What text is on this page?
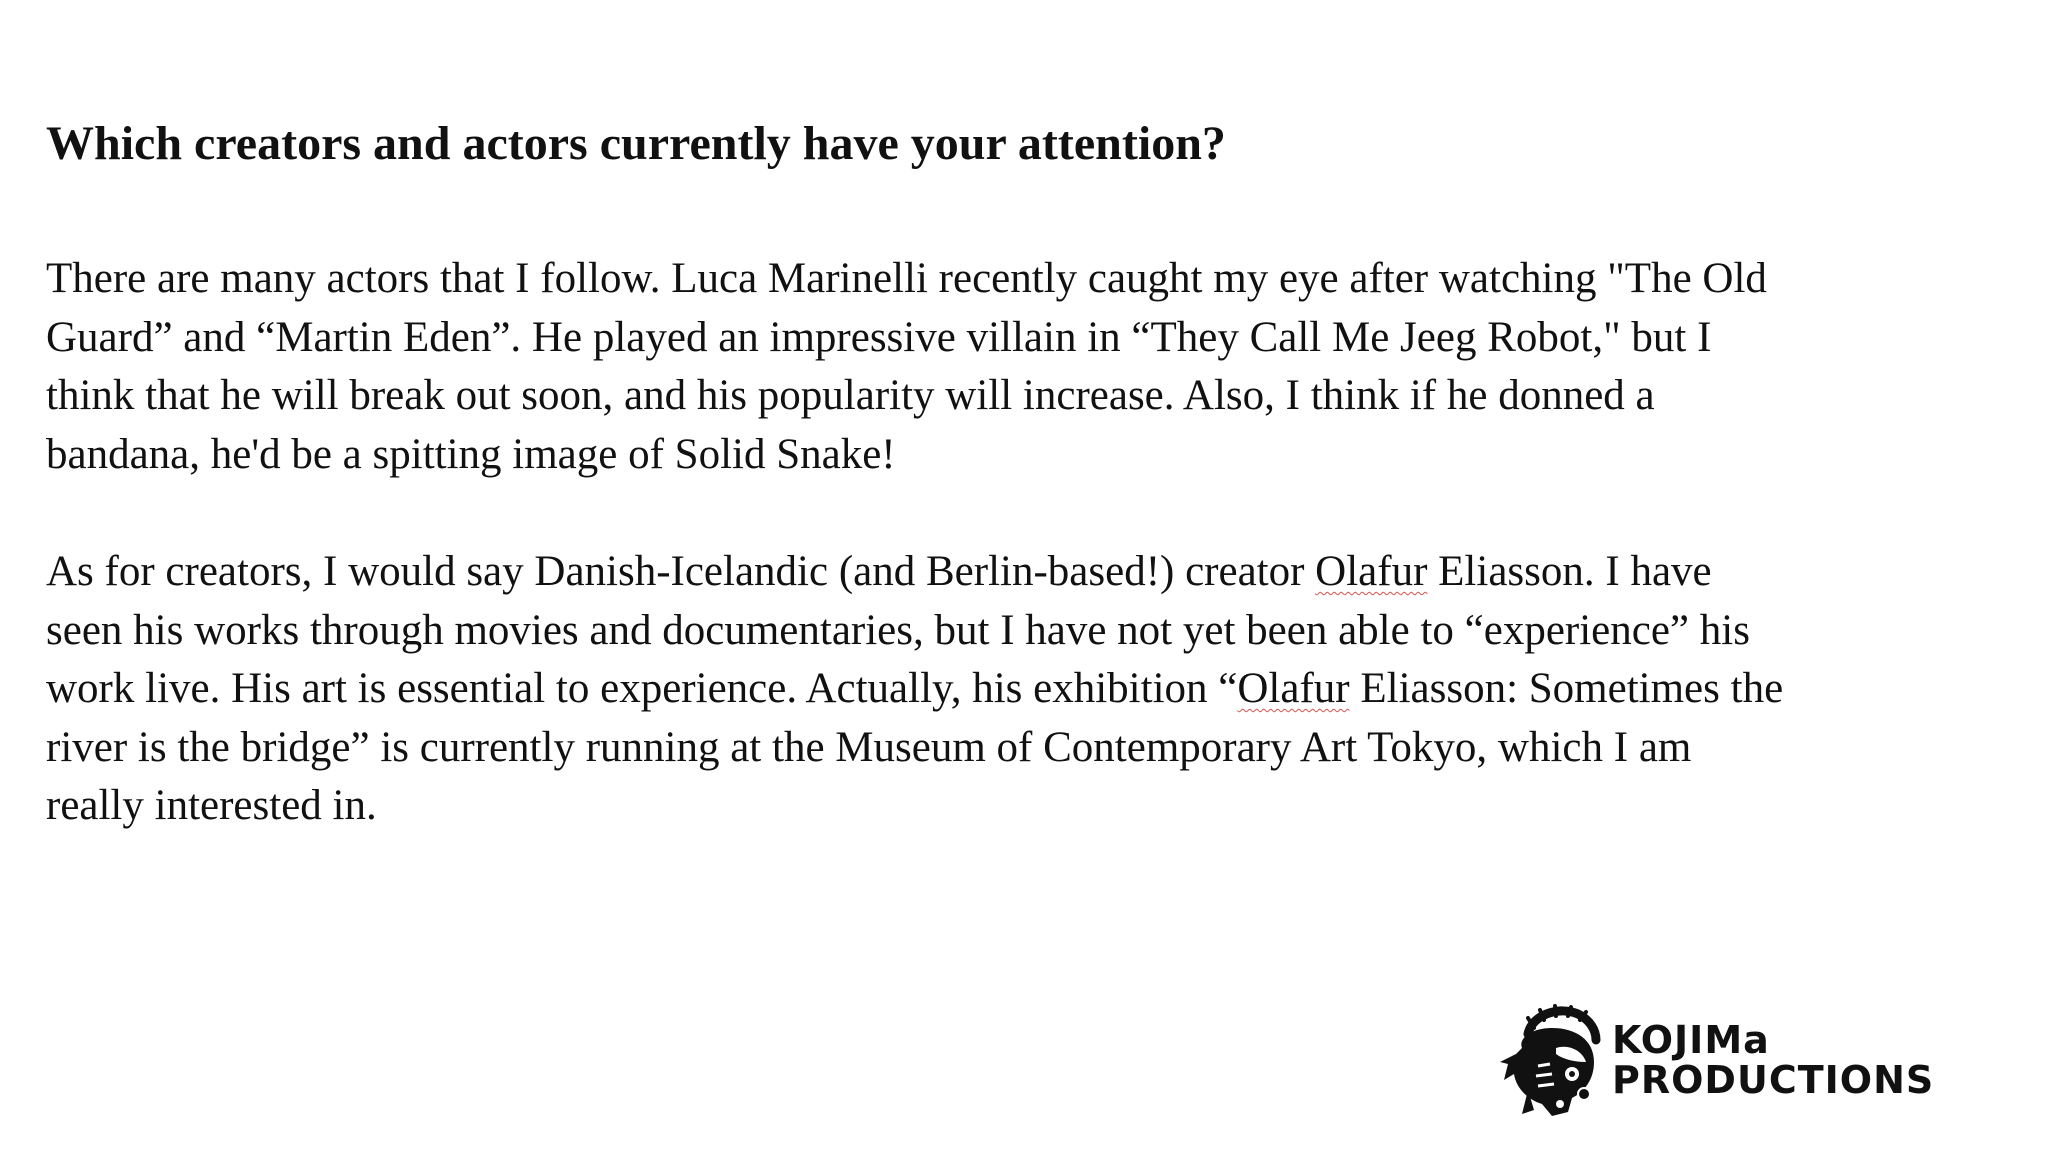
Which creators and actors currently have your attention?

There are many actors that I follow. Luca Marinelli recently caught my eye after watching "The Old
Guard” and “Martin Eden”. He played an impressive villain in “They Call Me Jeeg Robot," but I
think that he will break out soon, and his popularity will increase. Also, I think if he donned a
bandana, he'd be a spitting image of Solid Snake!

As for creators, I would say Danish-Icelandic (and Berlin-based!) creator Olafur Eliasson. I have
seen his works through movies and documentaries, but I have not yet been able to “experience” his
work live. His art is essential to experience. Actually, his exhibition “Olafur Eliasson: Sometimes the
river is the bridge” is currently running at the Museum of Contemporary Art Tokyo, which I am
really interested in.

KOJIMa
PRODUCTIONS
